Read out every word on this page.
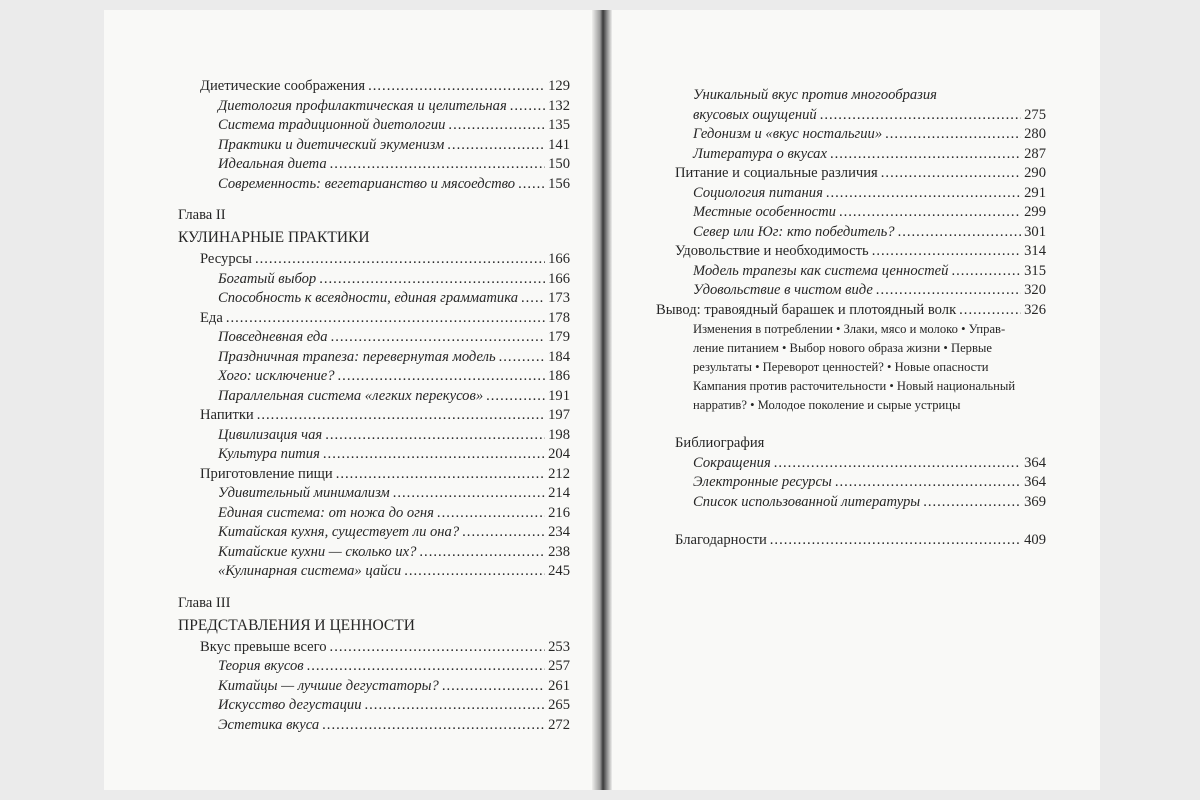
Диетические соображения .....	129
Диетология профилактическая и целительная .....	132
Система традиционной диетологии .....	135
Практики и диетический экуменизм .....	141
Идеальная диета .....	150
Современность: вегетарианство и мясоедство ..... 156
Глава II
КУЛИНАРНЫЕ ПРАКТИКИ
Ресурсы .....	166
Богатый выбор .....	166
Способность к всеядности, единая грамматика ..... 173
Еда .....	178
Повседневная еда .....	179
Праздничная трапеза: перевернутая модель .....	184
Хого: исключение? .....	186
Параллельная система «легких перекусов» .....	191
Напитки .....	197
Цивилизация чая .....	198
Культура пития .....	204
Приготовление пищи .....	212
Удивительный минимализм .....	214
Единая система: от ножа до огня .....	216
Китайская кухня, существует ли она? .....	234
Китайские кухни — сколько их? .....	238
«Кулинарная система» цайси .....	245
Глава III
ПРЕДСТАВЛЕНИЯ И ЦЕННОСТИ
Вкус превыше всего .....	253
Теория вкусов .....	257
Китайцы — лучшие дегустаторы? .....	261
Искусство дегустации .....	265
Эстетика вкуса .....	272
Уникальный вкус против многообразия
вкусовых ощущений .....	275
Гедонизм и «вкус ностальгии» .....	280
Литература о вкусах .....	287
Питание и социальные различия .....	290
Социология питания .....	291
Местные особенности .....	299
Север или Юг: кто победитель? .....	301
Удовольствие и необходимость .....	314
Модель трапезы как система ценностей .....	315
Удовольствие в чистом виде .....	320
Вывод: травоядный барашек и плотоядный волк .....	326
Изменения в потреблении • Злаки, мясо и молоко • Управ-
ление питанием • Выбор нового образа жизни • Первые
результаты • Переворот ценностей? • Новые опасности
Кампания против расточительности • Новый национальный
нарратив? • Молодое поколение и сырые устрицы
Библиография
Сокращения .....	364
Электронные ресурсы .....	364
Список использованной литературы .....	369
Благодарности .....	409
